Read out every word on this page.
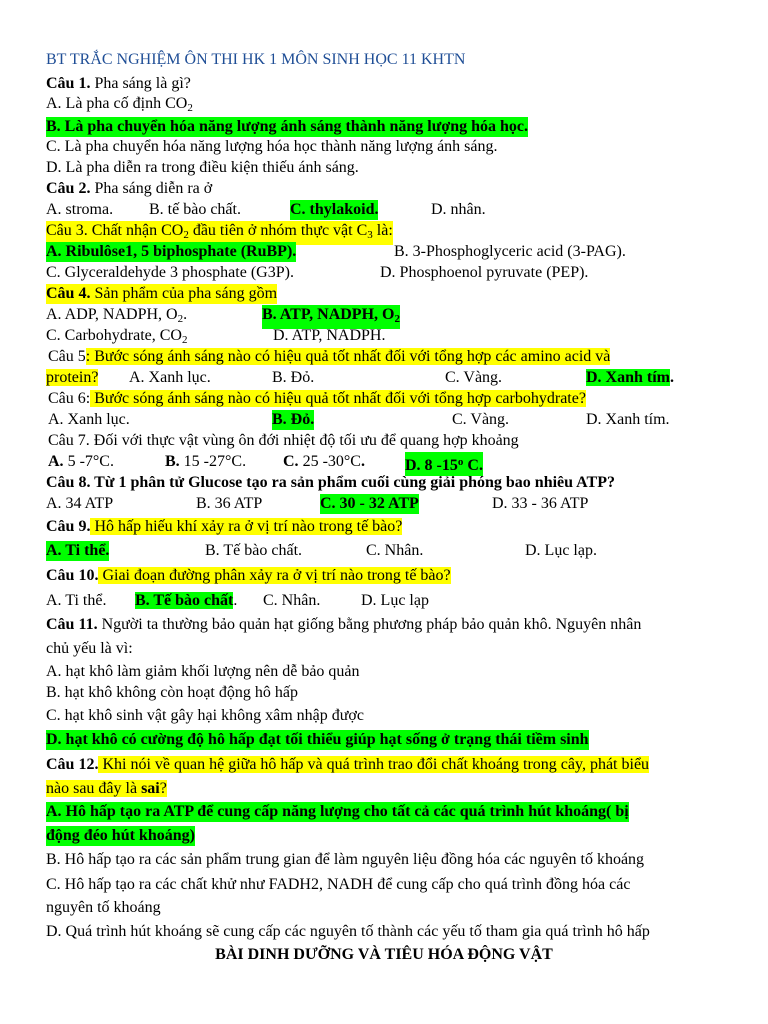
BT TRẮC NGHIỆM ÔN THI HK 1 MÔN SINH HỌC 11 KHTN
Câu 1. Pha sáng là gì?
A. Là pha cố định $CO_2$
B. Là pha chuyển hóa năng lượng ánh sáng thành năng lượng hóa học.
C. Là pha chuyển hóa năng lượng hóa học thành năng lượng ánh sáng.
D. Là pha diễn ra trong điều kiện thiếu ánh sáng.
Câu 2. Pha sáng diễn ra ở
A. stroma. B. tế bào chất.	C. thylakoid.	D. nhân.
Câu 3. Chất nhận $CO_2$ đầu tiên ở nhóm thực vật $C_3$ là:
A. Ribulôse1, 5 biphosphate (RuBP).	B. 3-Phosphoglyceric acid (3-PAG).
C. Glyceraldehyde 3 phosphate (G3P).	D. Phosphoenol pyruvate (PEP).
Câu 4. Sản phẩm của pha sáng gồm
A. ADP, NADPH, $O_2$.	B. ATP, NADPH, $O_2$
C. Carbohydrate, $CO_2$	D. ATP, NADPH.
Câu 5: Bước sóng ánh sáng nào có hiệu quả tốt nhất đối với tổng hợp các amino acid và
protein? A. Xanh lục.	B. Đỏ.	C. Vàng.	D. Xanh tím.
Câu 6: Bước sóng ánh sáng nào có hiệu quả tốt nhất đối với tổng hợp carbohydrate?
A. Xanh lục.	B. Đỏ.	C. Vàng.	D. Xanh tím.
Câu 7. Đối với thực vật vùng ôn đới nhiệt độ tối ưu để quang hợp khoảng
A. 5 -7°C.	B. 15 -27°C. C. 25 -30°C.	D. 8 -15$^o$ C.
Câu 8. Từ 1 phân tử Glucose tạo ra sản phẩm cuối cùng giải phóng bao nhiêu ATP?
A. 34 ATP	B. 36 ATP	C. 30 - 32 ATP	D. 33 - 36 ATP
Câu 9. Hô hấp hiếu khí xảy ra ở vị trí nào trong tế bào?
A. Ti thể.	B. Tế bào chất.	C. Nhân.	D. Lục lạp.
Câu 10. Giai đoạn đường phân xảy ra ở vị trí nào trong tế bào?
A. Ti thể. B. Tế bào chất. C. Nhân.	D. Lục lạp
Câu 11. Người ta thường bảo quản hạt giống bằng phương pháp bảo quản khô. Nguyên nhân
chủ yếu là vì:
A. hạt khô làm giảm khối lượng nên dễ bảo quản
B. hạt khô không còn hoạt động hô hấp
C. hạt khô sinh vật gây hại không xâm nhập được
D. hạt khô có cường độ hô hấp đạt tối thiểu giúp hạt sống ở trạng thái tiềm sinh
Câu 12. Khi nói về quan hệ giữa hô hấp và quá trình trao đổi chất khoáng trong cây, phát biểu
nào sau đây là sai?
A. Hô hấp tạo ra ATP để cung cấp năng lượng cho tất cả các quá trình hút khoáng( bị
động đéo hút khoáng)
B. Hô hấp tạo ra các sản phẩm trung gian để làm nguyên liệu đồng hóa các nguyên tố khoáng
C. Hô hấp tạo ra các chất khử như FADH2, NADH để cung cấp cho quá trình đồng hóa các
nguyên tố khoáng
D. Quá trình hút khoáng sẽ cung cấp các nguyên tố thành các yếu tố tham gia quá trình hô hấp
BÀI DINH DƯỠNG VÀ TIÊU HÓA ĐỘNG VẬT
